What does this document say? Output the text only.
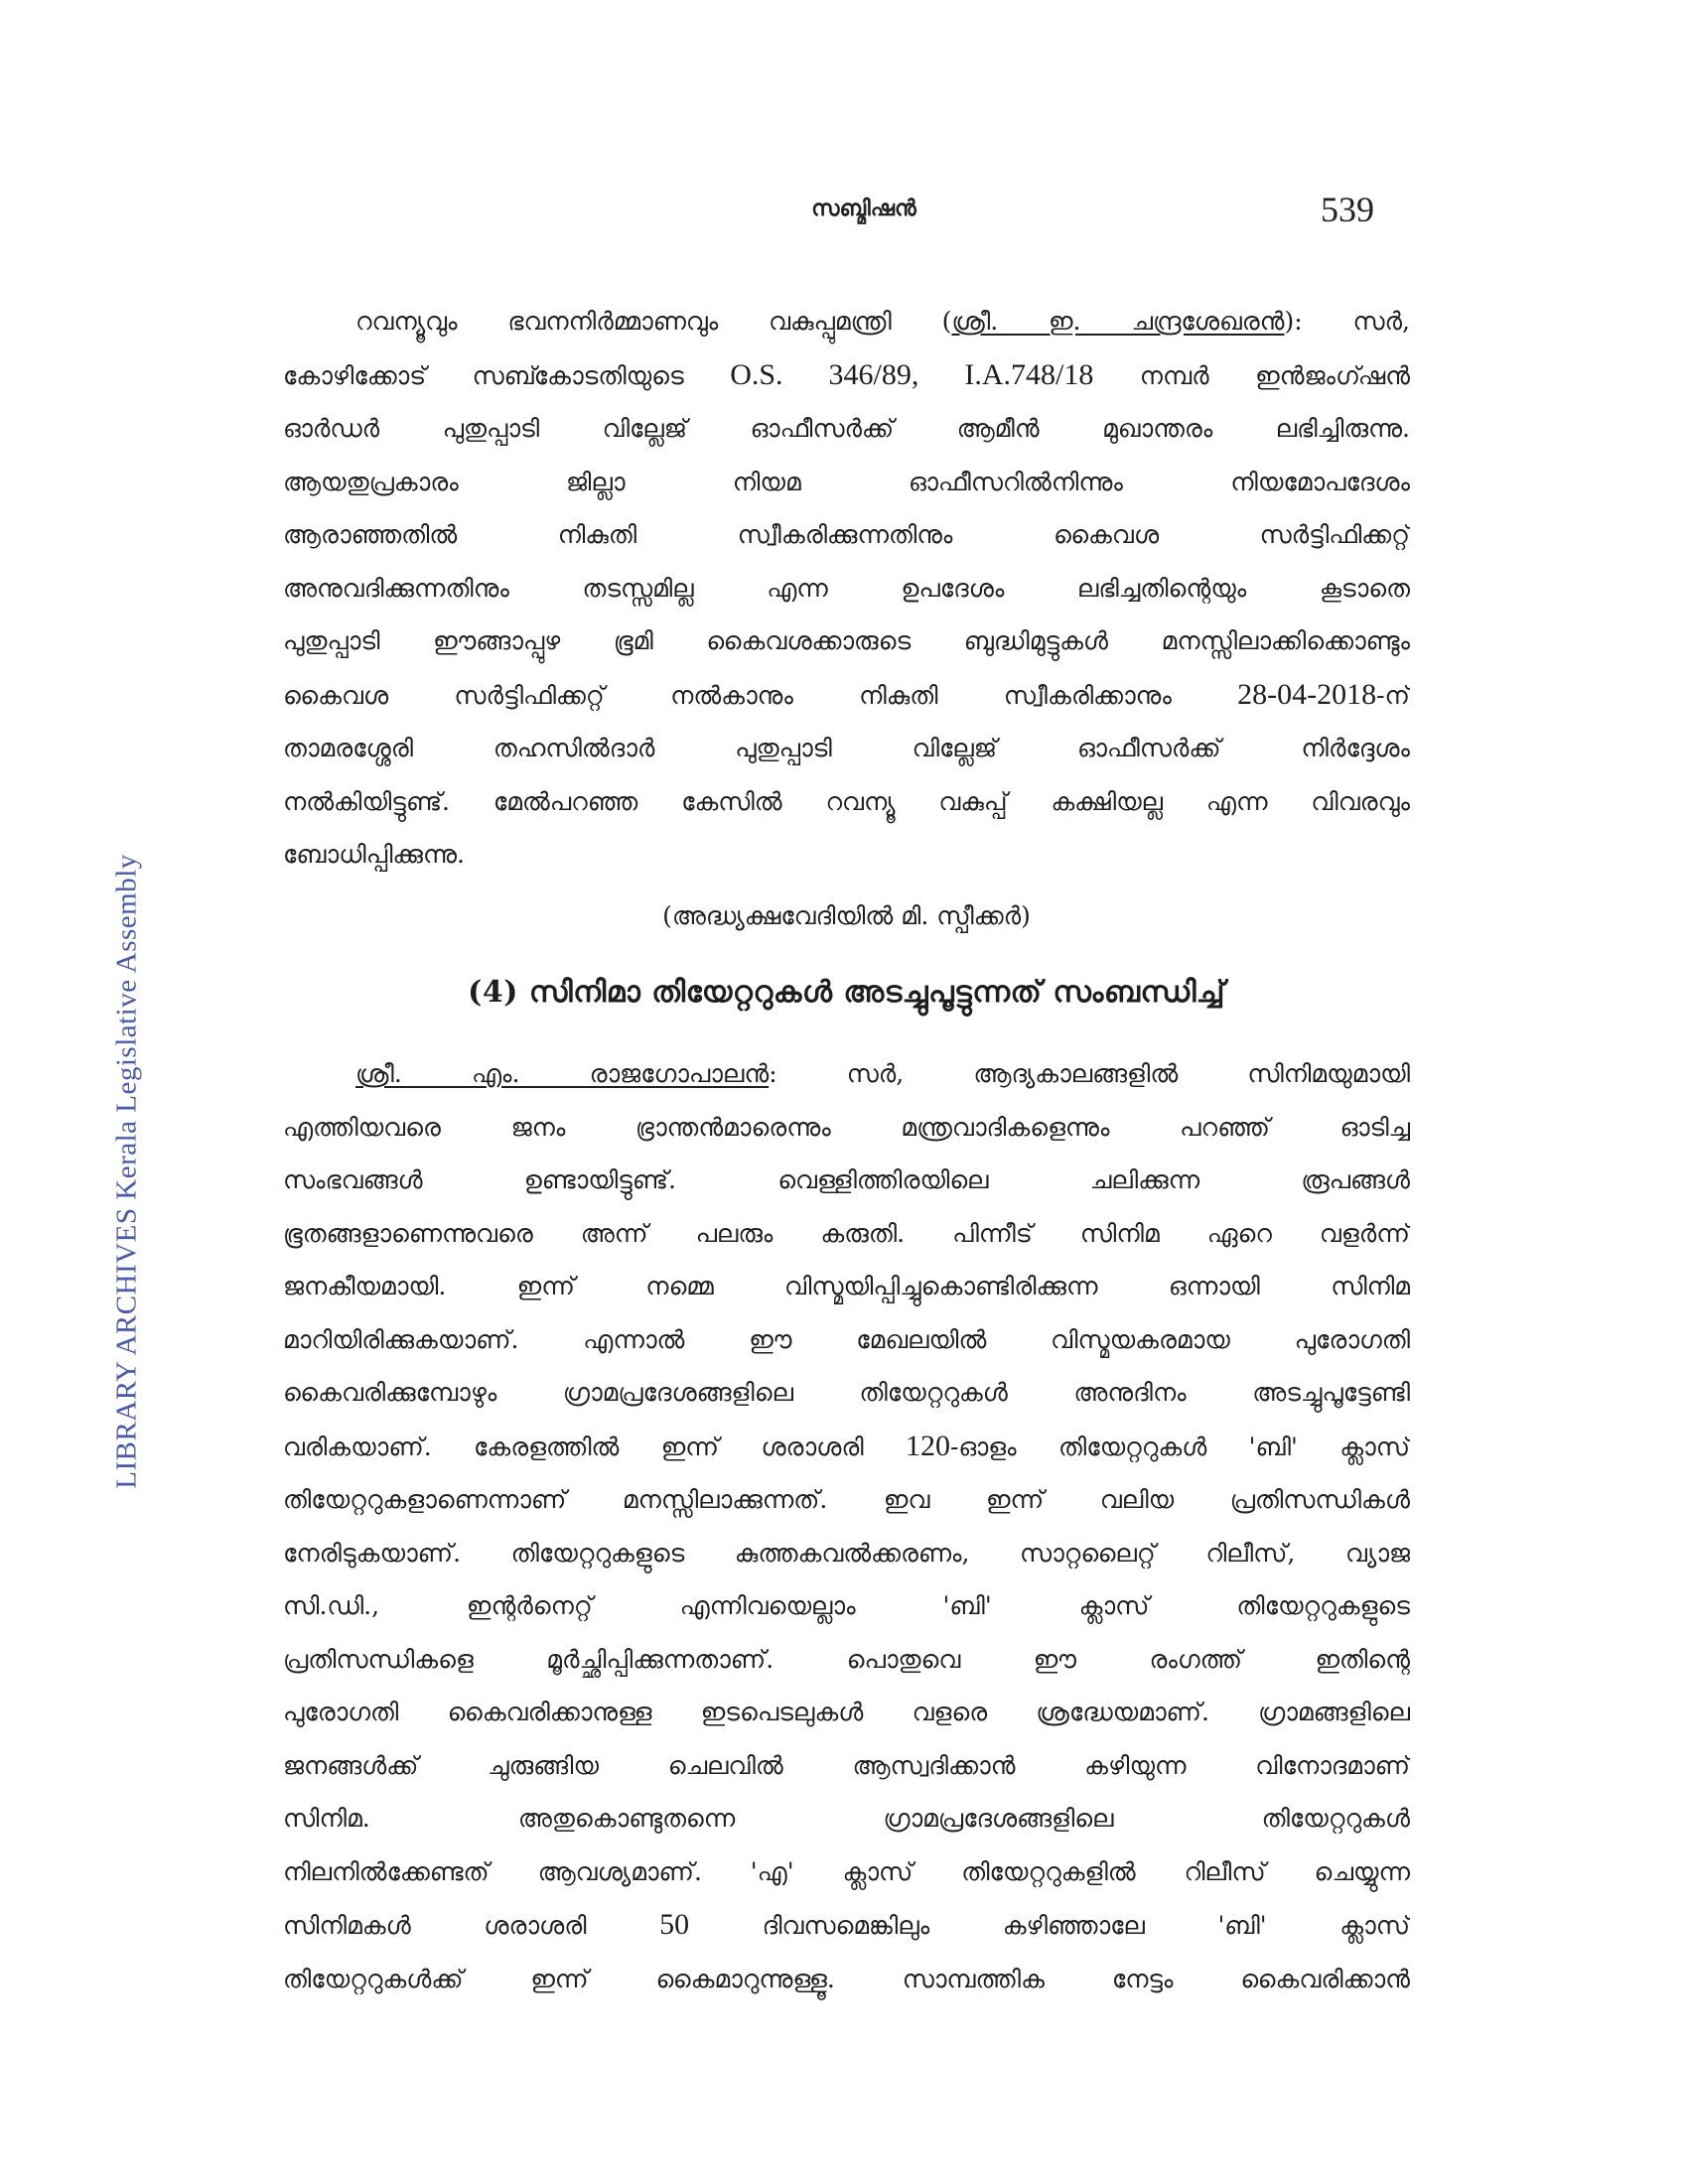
LIBRARY ARCHIVES Kerala Legislative Assembly
സബ്മിഷൻ	539
റവന്യൂവും ഭവനനിർമ്മാണവും വകുപ്പുമന്ത്രി (ശ്രീ. ഇ. ചന്ദ്രശേഖരൻ): സർ,
കോഴിക്കോട് സബ്കോടതിയുടെ O.S. 346/89, I.A.748/18 നമ്പർ ഇൻജംഗ്ഷൻ
ഓർഡർ പുതുപ്പാടി വില്ലേജ് ഓഫീസർക്ക് ആമീൻ മുഖാന്തരം ലഭിച്ചിരുന്നു.
ആയതുപ്രകാരം ജില്ലാ നിയമ ഓഫീസറിൽനിന്നും നിയമോപദേശം
ആരാഞ്ഞതിൽ നികുതി സ്വീകരിക്കുന്നതിനും കൈവശ സർട്ടിഫിക്കറ്റ്
അനുവദിക്കുന്നതിനും തടസ്സമില്ല എന്ന ഉപദേശം ലഭിച്ചതിന്റെയും കൂടാതെ
പുതുപ്പാടി ഈങ്ങാപ്പുഴ ഭൂമി കൈവശക്കാരുടെ ബുദ്ധിമുട്ടുകൾ മനസ്സിലാക്കിക്കൊണ്ടും
കൈവശ സർട്ടിഫിക്കറ്റ് നൽകാനും നികുതി സ്വീകരിക്കാനും 28-04-2018-ന്
താമരശ്ശേരി തഹസിൽദാർ പുതുപ്പാടി വില്ലേജ് ഓഫീസർക്ക് നിർദ്ദേശം
നൽകിയിട്ടുണ്ട്. മേൽപറഞ്ഞ കേസിൽ റവന്യൂ വകുപ്പ് കക്ഷിയല്ല എന്ന വിവരവും
ബോധിപ്പിക്കുന്നു.
(അദ്ധ്യക്ഷവേദിയിൽ മി. സ്പീക്കർ)
(4) സിനിമാ തിയേറ്ററുകൾ അടച്ചുപൂട്ടുന്നത് സംബന്ധിച്ച്
ശ്രീ. എം. രാജഗോപാലൻ: സർ, ആദ്യകാലങ്ങളിൽ സിനിമയുമായി
എത്തിയവരെ ജനം ഭ്രാന്തൻമാരെന്നും മന്ത്രവാദികളെന്നും പറഞ്ഞ് ഓടിച്ച
സംഭവങ്ങൾ ഉണ്ടായിട്ടുണ്ട്. വെള്ളിത്തിരയിലെ ചലിക്കുന്ന രൂപങ്ങൾ
ഭൂതങ്ങളാണെന്നുവരെ അന്ന് പലരും കരുതി. പിന്നീട് സിനിമ ഏറെ വളർന്ന്
ജനകീയമായി. ഇന്ന് നമ്മെ വിസ്മയിപ്പിച്ചുകൊണ്ടിരിക്കുന്ന ഒന്നായി സിനിമ
മാറിയിരിക്കുകയാണ്. എന്നാൽ ഈ മേഖലയിൽ വിസ്മയകരമായ പുരോഗതി
കൈവരിക്കുമ്പോഴും ഗ്രാമപ്രദേശങ്ങളിലെ തിയേറ്ററുകൾ അനുദിനം അടച്ചുപൂട്ടേണ്ടി
വരികയാണ്. കേരളത്തിൽ ഇന്ന് ശരാശരി 120-ഓളം തിയേറ്ററുകൾ 'ബി' ക്ലാസ്
തിയേറ്ററുകളാണെന്നാണ് മനസ്സിലാക്കുന്നത്. ഇവ ഇന്ന് വലിയ പ്രതിസന്ധികൾ
നേരിടുകയാണ്. തിയേറ്ററുകളുടെ കുത്തകവൽക്കരണം, സാറ്റലൈറ്റ് റിലീസ്, വ്യാജ
സി.ഡി., ഇന്റർനെറ്റ് എന്നിവയെല്ലാം 'ബി' ക്ലാസ് തിയേറ്ററുകളുടെ
പ്രതിസന്ധികളെ മൂർച്ഛിപ്പിക്കുന്നതാണ്. പൊതുവെ ഈ രംഗത്ത് ഇതിന്റെ
പുരോഗതി കൈവരിക്കാനുള്ള ഇടപെടലുകൾ വളരെ ശ്രദ്ധേയമാണ്. ഗ്രാമങ്ങളിലെ
ജനങ്ങൾക്ക് ചുരുങ്ങിയ ചെലവിൽ ആസ്വദിക്കാൻ കഴിയുന്ന വിനോദമാണ്
സിനിമ. അതുകൊണ്ടുതന്നെ ഗ്രാമപ്രദേശങ്ങളിലെ തിയേറ്ററുകൾ
നിലനിൽക്കേണ്ടത് ആവശ്യമാണ്. 'എ' ക്ലാസ് തിയേറ്ററുകളിൽ റിലീസ് ചെയ്യുന്ന
സിനിമകൾ ശരാശരി 50 ദിവസമെങ്കിലും കഴിഞ്ഞാലേ 'ബി' ക്ലാസ്
തിയേറ്ററുകൾക്ക് ഇന്ന് കൈമാറുന്നുള്ളൂ. സാമ്പത്തിക നേട്ടം കൈവരിക്കാൻ
